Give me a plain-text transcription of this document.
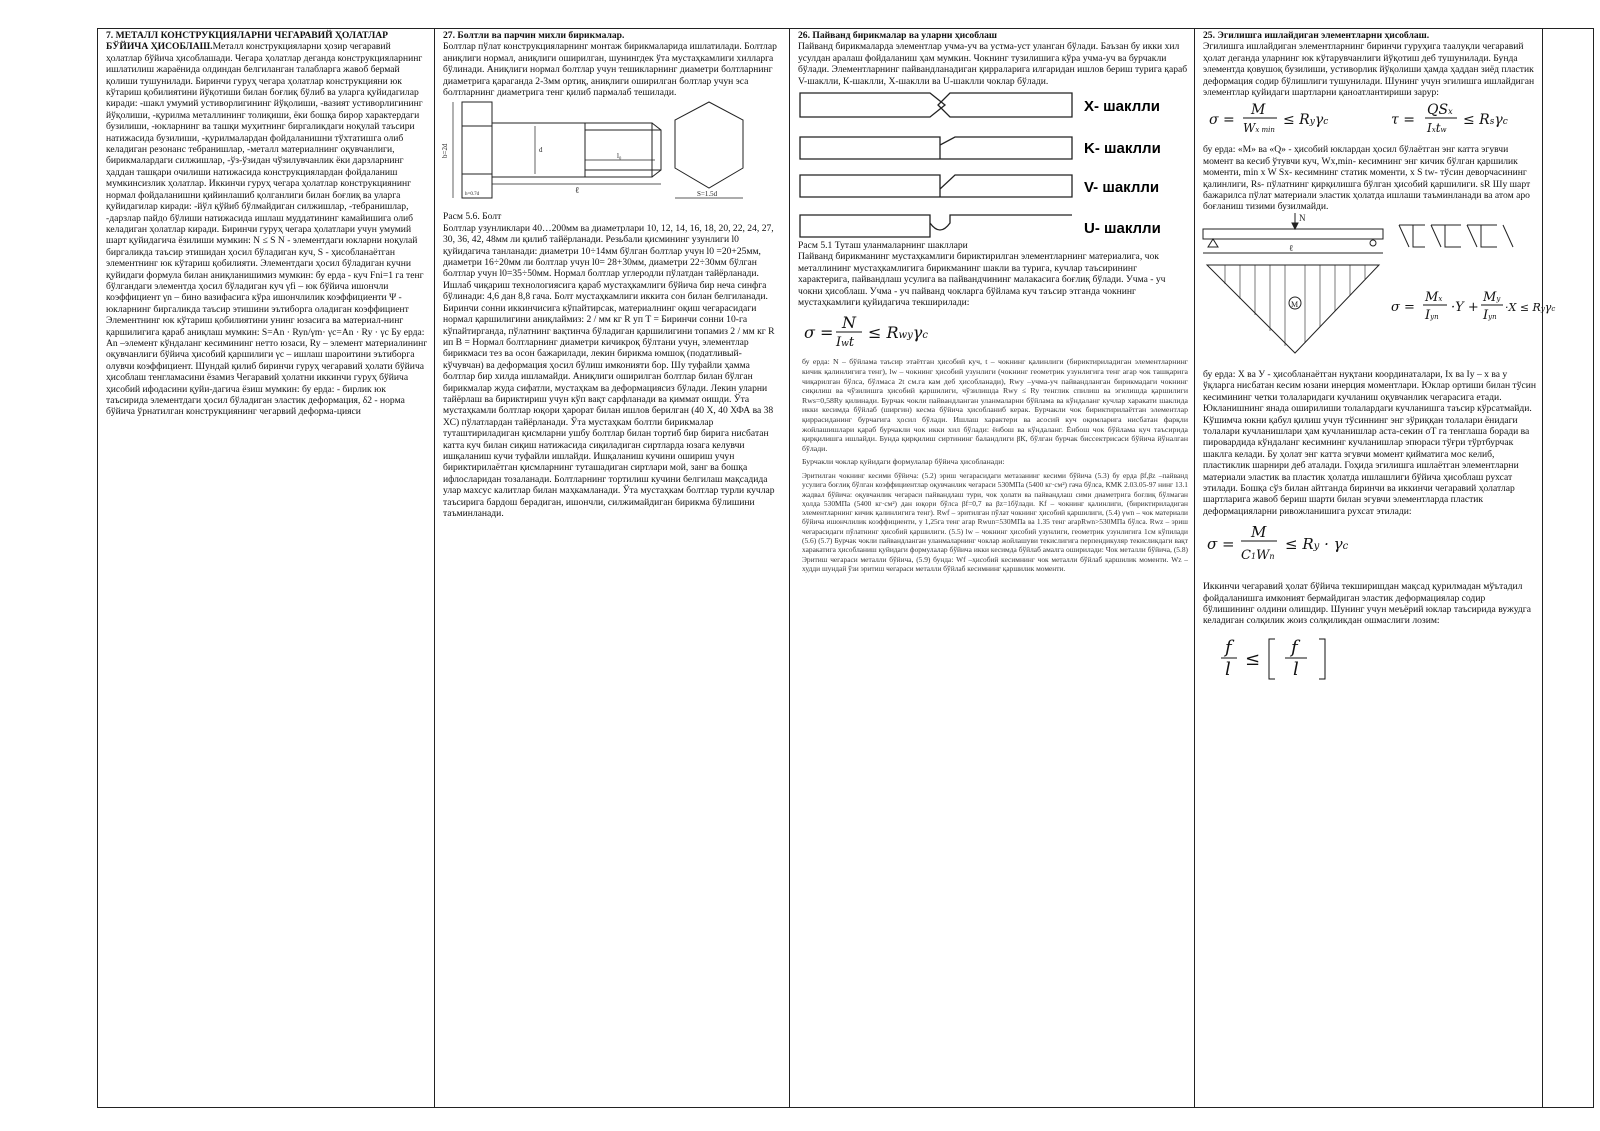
7. МЕТАЛЛ КОНСТРУКЦИЯЛАРНИ ЧЕГАРАВИЙ ҲОЛАТЛАР БЎЙИЧА ҲИСОБЛАШ.Металл конструкцияларни ҳозир чегаравий ҳолатлар бўйича ҳисоблашади. Чегара ҳолатлар деганда конструкцияларнинг ишлатилиш жараёнида олдиндан белгиланган талабларга жавоб бермай қолиши тушунилади. Биринчи гуруҳ чегара ҳолатлар конструкцияни юк кўтариш қобилиятини йўқотиши билан боғлиқ бўлиб ва уларга қуйидагилар киради: -шакл умумий устиворлигининг йўқолиши, -вазият устиворлигининг йўқолиши, -қурилма металлининг толиқиши, ёки бошқа бирор характердаги бузилиши, -юкларнинг ва ташқи муҳитнинг биргаликдаги ноқулай таъсири натижасида бузилиши, -қурилмалардан фойдаланишни тўхтатишга олиб келадиган резонанс тебранишлар, -металл материалнинг оқувчанлиги, бирикмалардаги силжишлар, -ўз-ўзидан чўзилувчанлик ёки дарзларнинг ҳаддан ташқари очилиши натижасида конструкциялардан фойдаланиш мумкинсизлик ҳолатлар. Иккинчи гуруҳ чегара ҳолатлар конструкциянинг нормал фойдаланишни қийинлашиб қолганлиги билан боғлиқ ва уларга қуйидагилар киради: -йўл қўйиб бўлмайдиган силжишлар, -тебранишлар, -дарзлар пайдо бўлиши натижасида ишлаш муддатининг камайишига олиб келадиган ҳолатлар киради. Биринчи гуруҳ чегара ҳолатлари учун умумий шарт қуйидагича ёзилиши мумкин: N ≤ S N - элементдаги юкларни ноқулай биргаликда таъсир этишидан ҳосил бўладиган куч, S - ҳисобланаётган элементнинг юк кўтариш қобилияти. Элементдаги ҳосил бўладиган кучни қуйидаги формула билан аниқланишимиз мумкин: бу ерда - куч Fni=1 га тенг бўлгандаги элементда ҳосил бўладиган куч γfi – юк бўйича ишончли коэффициент γn – бино вазифасига кўра ишончлилик коэффициенти Ψ - юкларнинг биргаликда таъсир этишини эътиборга оладиган коэффициент Элементнинг юк кўтариш қобилиятини унинг юзасига ва материал-нинг қаршилигига қараб аниқлаш мумкин: S=An · Ryn/γm· γc=An · Ry · γc Бу ерда: An –элемент кўндаланг кесимининг нетто юзаси, Ry – элемент материалининг оқувчанлиги бўйича ҳисобий қаршилиги γc – ишлаш шароитини эътиборга олувчи коэффициент. Шундай қилиб биринчи гуруҳ чегаравий ҳолати бўйича ҳисоблаш тенгламасини ёзамиз Чегаравий ҳолатни иккинчи гуруҳ бўйича ҳисобий ифодасини қуйи-дагича ёзиш мумкин: бу ерда: - бирлик юк таъсирида элементдаги ҳосил бўладиган эластик деформация, δ2 - норма бўйича ўрнатилган конструкциянинг чегарвий деформа-цияси
27. Болтли ва парчин михли бирикмалар.
Болтлар пўлат конструкцияларнинг монтаж бирикмаларида ишлатилади. Болтлар аниқлиги нормал, аниқлиги оширилган, шунингдек ўта мустаҳкамлиги хилларга бўлинади. Аниқлиги нормал болтлар учун тешикларнинг диаметри болтларнинг диаметрига қараганда 2-3мм ортиқ, аниқлиги оширилган болтлар учун эса болтларнинг диаметрига тенг қилиб пармалаб тешилади.
b=2d	d
l₀
ℓ
h=0.7d	S=1.5d
Расм 5.6. Болт
Болтлар узунликлари 40…200мм ва диаметрлари 10, 12, 14, 16, 18, 20, 22, 24, 27, 30, 36, 42, 48мм ли қилиб тайёрланади. Резьбали қисмининг узунлиги l0 қуйидагича танланади: диаметри 10÷14мм бўлган болтлар учун l0 =20+25мм, диаметри 16÷20мм ли болтлар учун l0= 28+30мм, диаметри 22÷30мм бўлган болтлар учун l0=35÷50мм. Нормал болтлар углеродли пўлатдан тайёрланади. Ишлаб чиқариш технологиясига қараб мустаҳкамлиги бўйича бир неча синфга бўлинади: 4,6 дан 8,8 гача. Болт мустаҳкамлиги иккита сон билан белгиланади. Биринчи сонни иккинчисига кўпайтирсак, материалнинг оқиш чегарасидаги нормал қаршилигини аниқлаймиз: 2 / мм кг R уп T = Биринчи сонни 10-га кўпайтирганда, пўлатнинг вақтинча бўладиган қаршилигини топамиз 2 / мм кг R ип B = Нормал болтларнинг диаметри кичикроқ бўлтани учун, элементлар бирикмаси тез ва осон бажарилади, лекин бирикма юмшоқ (податливый- кўчувчан) ва деформация ҳосил бўлиш имконияти бор. Шу туфайли ҳамма болтлар бир хилда ишламайди. Аниқлиги оширилган болтлар билан бўлган бирикмалар жуда сифатли, мустаҳкам ва деформациясиз бўлади. Лекин уларни тайёрлаш ва бириктириш учун кўп вақт сарфланади ва қиммат оишди. Ўта мустаҳкамли болтлар юқори ҳарорат билан ишлов берилган (40 Х, 40 ХФА ва 38 ХС) пўлатлардан тайёрланади. Ўта мустаҳкам болтли бирикмалар туташтириладиган қисмларни ушбу болтлар билан тортиб бир бирига нисбатан катта куч билан сиқиш натижасида сиқиладиган сиртларда юзага келувчи ишқаланиш кучи туфайли ишлайди. Ишқаланиш кучини ошириш учун бириктирилаётган қисмларнинг туташадиган сиртлари мой, занг ва бошқа ифлосларидан тозаланади. Болтларнинг тортилиш кучини белгилаш мақсадида улар махсус калитлар билан маҳкамланади. Ўта мустаҳкам болтлар турли кучлар таъсирига бардош берадиган, ишончли, силжимайдиган бирикма бўлишини таъминланади.
26. Пайванд бирикмалар ва уларни ҳисоблаш
Пайванд бирикмаларда элементлар учма-уч ва устма-уст уланган бўлади. Баъзан бу икки хил усулдан аралаш фойдаланиш ҳам мумкин. Чокнинг тузилишига кўра учма-уч ва бурчакли бўлади. Элементларнинг пайвандланадиган қирраларига илгаридан ишлов бериш турига қараб V-шаклли, К-шаклли, Х-шаклли ва U-шаклли чоклар бўлади.
X- шаклли
K- шаклли
V- шаклли
U- шаклли
Расм 5.1 Туташ уланмаларнинг шакллари
Пайванд бирикманинг мустаҳкамлиги бириктирилган элементларнинг материалига, чок металлининг мустаҳкамлигига бирикманинг шакли ва турига, кучлар таъсирининг характерига, пайвандлаш усулига ва пайвандчининг малакасига боғлиқ бўлади. Учма - уч чокни ҳисоблаш. Учма - уч пайванд чокларга бўйлама куч таъсир этганда чокнинг мустаҳкамлиги қуйидагича текширилади:
σ =
N
Iwt
≤ Rwyγc
бу ерда: N – бўйлама таъсир этаётган ҳисобий куч, t – чокнинг қалинлиги (бириктириладиган элементларнинг кичик қалинлигига тенг), lw – чокнинг ҳисобий узунлиги (чокнинг геометрик узунлигига тенг агар чок ташқарига чиқарилган бўлса, бўлмаса 2t см.га кам деб ҳисобланади), Rwy –учма-уч пайвандланган бирикмадаги чокнинг сиқилиш ва чўзилишга ҳисобий қаршилиги, чўзилишда Rwy ≤ Ry тенглик спилиш ва эгилишда қаршилиги Rws=0,58Ry қилинади. Бурчак чокли пайвандланган уланмаларни бўйлама ва кўндаланг кучлар харакати шаклида икки кесимда бўйлаб (ширгин) кесма бўйича ҳисобланиб керак. Бурчакли чок бириктирилаётган элементлар қиррасиданинг бурчагига ҳосил бўлади. Ишлаш характери ва асосий куч оқимларига нисбатан фарқли жойлашишлари қараб бурчакли чок икки хил бўлади: ёнбош ва кўндаланг. Ёнбош чок бўйлама куч таъсирида қирқилишга ишлайди. Бунда қирқилиш сиртининг баландлиги βК, бўлган бурчак биссектрисаси бўйича йўналган бўлади.
Бурчакли чоклар қуйидаги формулалар бўйича ҳисобланади:
Эритилган чокнинг кесими бўйича: (5.2) эриш чегарасидаги метазанинг кесими бўйича (5.3) бу ерда βf,βz –пайванд усулига боғлиқ бўлган коэффициентлар оқувчанлик чегараси 530МПа (5400 кг·см²) гача бўлса, КМК 2.03.05-97 нинг 13.1 жадвал бўйича: оқувчанлик чегараси пайвандлаш тури, чок ҳолати ва пайвандлаш сими диаметрига боғлиқ бўлмаган ҳолда 530МПа (5400 кг·см²) дан юқори бўлса βf=0,7 ва βz=1бўлади. Kf – чокнинг қалинлиги, (бириктириладиган элементларнинг кичик қалинлигига тенг). Rwf – эритилган пўлат чокнинг ҳисобий қаршилиги, (5.4) γwn – чок материали бўйича ишончлилик коэффициенти, у 1,25га тенг агар Rwun=530МПа ва 1.35 тенг агарRwn>530МПа бўлса. Rwz – эриш чегарасидаги пўлатнинг ҳисобий қаршилиги. (5.5) lw – чокнинг ҳисобий узунлиги, геометрик узунлигига 1см кўпилади (5.6) (5.7) Бурчак чокли пайвандланган уланмаларнинг чоклар жойлашуви текислигига перпендикуляр текисликдаги вақт харакатига ҳисобланиш қуйидаги формулалар бўйича икки кесимда бўйлаб амалга оширилади: Чок металли бўйича, (5.8) Эритиш чегараси металли бўйича, (5.9) бунда: Wf –ҳисобий кесимнинг чок металли бўйлаб қаршилик моменти. Wz – худди шундай ўзи эритиш чегараси металли бўйлаб кесимнинг қаршилик моменти.
25. Эгилишга ишлайдиган элементларни ҳисоблаш.
Эгилишга ишлайдиган элементларнинг биринчи гуруҳига таалуқли чегаравий ҳолат деганда уларнинг юк кўтарувчанлиги йўқотиш деб тушунилади. Бунда элементда қовушоқ бузилиши, устиворлик йўқолиши ҳамда ҳаддан зиёд пластик деформация содир бўлишлиги тушунилади. Шунинг учун эгилишга ишлайдиган элементлар қуйидаги шартларни қаноатлантириши зарур:
σ =
M
Wx min
≤ Ryγc	τ =
QSx
Ixtw
≤ Rsγc
бу ерда: «М» ва «Q» - ҳисобий юклардан ҳосил бўлаётган энг катта эгувчи момент ва кесиб ўтувчи куч, Wx,min- кесимнинг энг кичик бўлган қаршилик моменти, min x W Sx- кесимнинг статик моменти, x S tw- тўсин деворчасининг қалинлиги, Rs- пўлатнинг қирқилишга бўлган ҳисобий қаршилиги. sR Шу шарт бажарилса пўлат материали эластик ҳолатда ишлаши таъминланади ва атом аро боғланиш тизими бузилмайди.
N
ℓ
M	σ =
Mx
Iyn
·Y +
My
Iyn
·X ≤ Ryγc
бу ерда: X ва У - ҳисобланаётган нуқтани координаталари, Ix ва Iy – x ва у ўқларга нисбатан кесим юзани инерция моментлари. Юклар ортиши билан тўсин кесимининг четки толаларидаги кучланиш оқувчанлик чегарасига етади. Юкланишнинг янада оширилиши толалардаги кучланишга таъсир кўрсатмайди. Кўшимча юкни қабул қилиш учун тўсиннинг энг зўриққан толалари ёнидаги толалари кучланишлари ҳам кучланишлар аста-секин σТ га тенглаша боради ва пировардида кўндаланг кесимнинг кучланишлар эпюраси тўғри тўртбурчак шаклга келади. Бу ҳолат энг катта эгувчи момент қийматига мос келиб, пластиклик шарнири деб аталади. Гоҳида эгилишга ишлаётган элементларни материали эластик ва пластик ҳолатда ишлашлиги бўйича ҳисоблаш рухсат этилади. Бошқа сўз билан айтганда биринчи ва иккинчи чегаравий ҳолатлар шартларига жавоб бериш шарти билан эгувчи элементларда пластик деформацияларни ривожланишига рухсат этилади:
σ =
M
C1Wn
≤ Ry · γc
Иккинчи чегаравий ҳолат бўйича текширишдан мақсад қурилмадан мўътадил фойдаланишга имконият бермайдиган эластик деформациялар содир бўлишининг олдини олишдир. Шунинг учун меъёрий юклар таъсирида вужудга келадиган солқилик жоиз солқиликдан ошмаслиги лозим:
f
l ≤
f
l
